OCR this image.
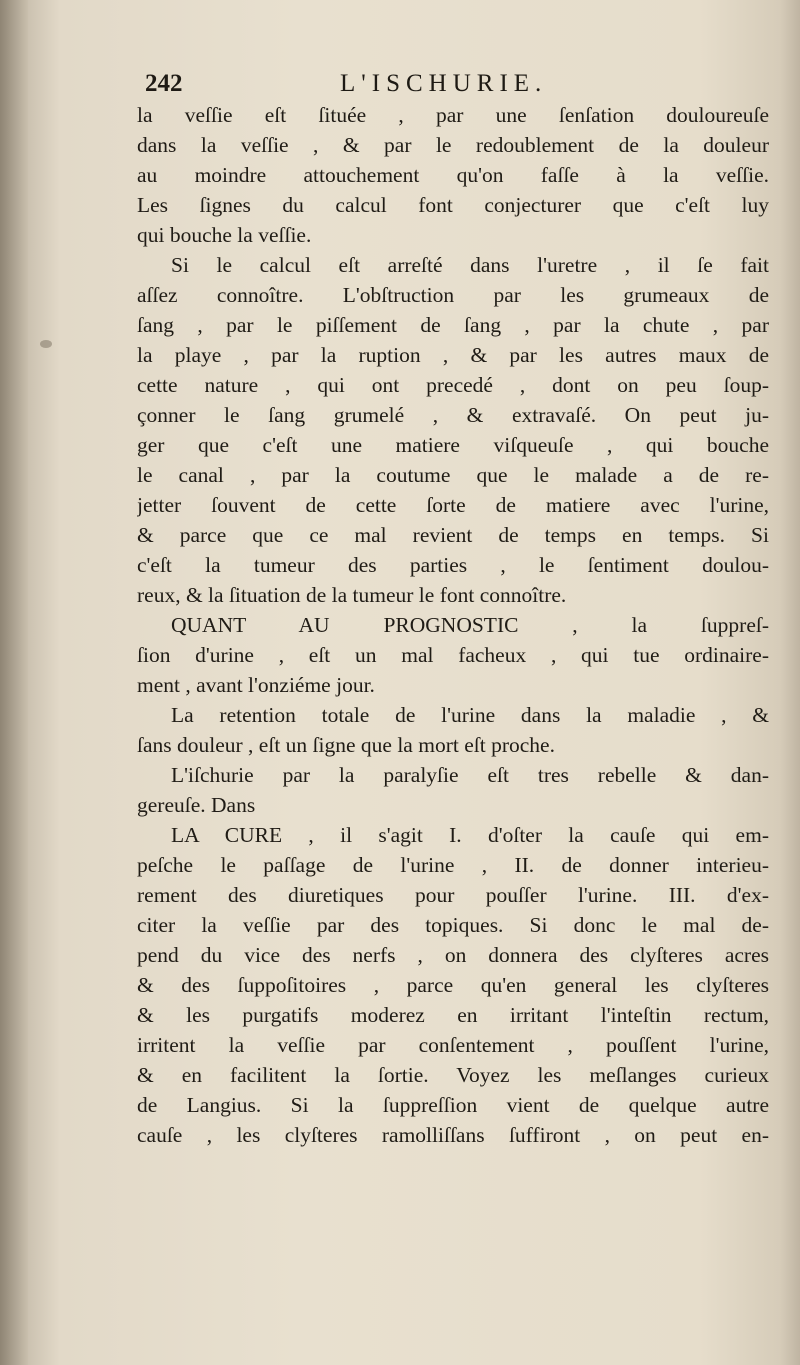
242	L'ISCHURIE.
la veſſie eſt ſituée , par une ſenſation douloureuſe
dans la veſſie , & par le redoublement de la douleur
au moindre attouchement qu'on faſſe à la veſſie.
Les ſignes du calcul font conjecturer que c'eſt luy
qui bouche la veſſie.
Si le calcul eſt arreſté dans l'uretre , il ſe fait
aſſez connoître. L'obſtruction par les grumeaux de
ſang , par le piſſement de ſang , par la chute , par
la playe , par la ruption , & par les autres maux de
cette nature , qui ont precedé , dont on peu ſoup-
çonner le ſang grumelé , & extravaſé. On peut ju-
ger que c'eſt une matiere viſqueuſe , qui bouche
le canal , par la coutume que le malade a de re-
jetter ſouvent de cette ſorte de matiere avec l'urine,
& parce que ce mal revient de temps en temps. Si
c'eſt la tumeur des parties , le ſentiment doulou-
reux, & la ſituation de la tumeur le font connoître.
QUANT AU PROGNOSTIC , la ſuppreſ-
ſion d'urine , eſt un mal facheux , qui tue ordinaire-
ment , avant l'onziéme jour.
La retention totale de l'urine dans la maladie , &
ſans douleur , eſt un ſigne que la mort eſt proche.
L'iſchurie par la paralyſie eſt tres rebelle & dan-
gereuſe. Dans
LA CURE , il s'agit I. d'oſter la cauſe qui em-
peſche le paſſage de l'urine , II. de donner interieu-
rement des diuretiques pour pouſſer l'urine. III. d'ex-
citer la veſſie par des topiques. Si donc le mal de-
pend du vice des nerfs , on donnera des clyſteres acres
& des ſuppoſitoires , parce qu'en general les clyſteres
& les purgatifs moderez en irritant l'inteſtin rectum,
irritent la veſſie par conſentement , pouſſent l'urine,
& en facilitent la ſortie. Voyez les meſlanges curieux
de Langius. Si la ſuppreſſion vient de quelque autre
cauſe , les clyſteres ramolliſſans ſuffiront , on peut en-
